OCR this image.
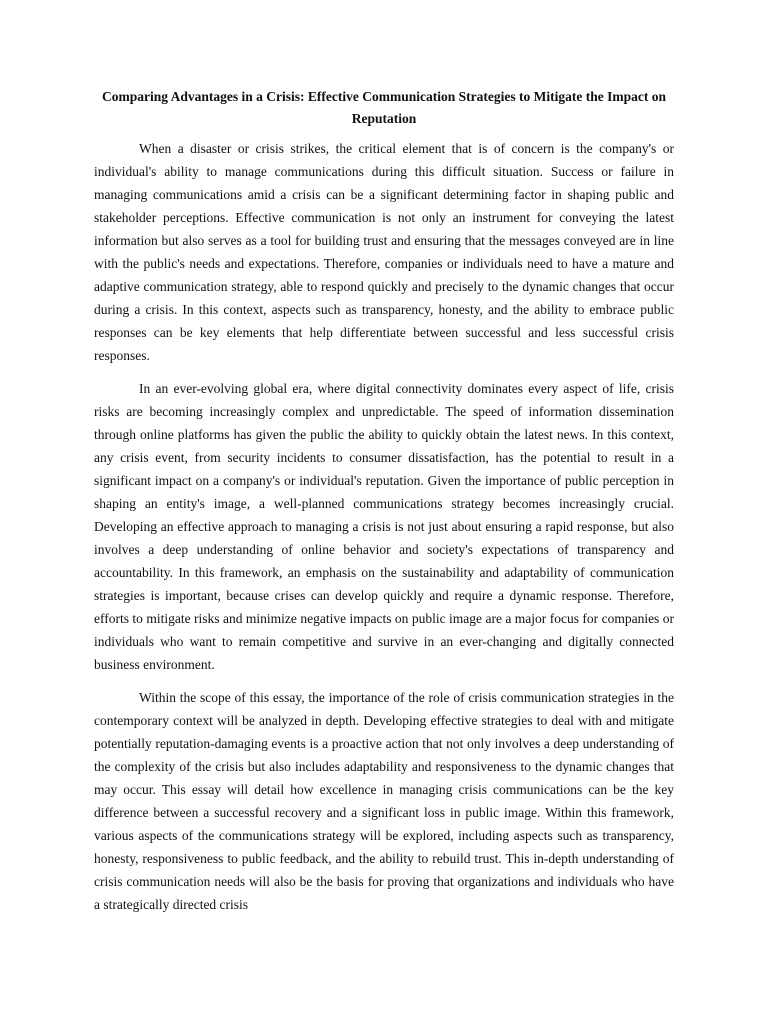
Comparing Advantages in a Crisis: Effective Communication Strategies to Mitigate the Impact on Reputation

When a disaster or crisis strikes, the critical element that is of concern is the company's or individual's ability to manage communications during this difficult situation. Success or failure in managing communications amid a crisis can be a significant determining factor in shaping public and stakeholder perceptions. Effective communication is not only an instrument for conveying the latest information but also serves as a tool for building trust and ensuring that the messages conveyed are in line with the public's needs and expectations. Therefore, companies or individuals need to have a mature and adaptive communication strategy, able to respond quickly and precisely to the dynamic changes that occur during a crisis. In this context, aspects such as transparency, honesty, and the ability to embrace public responses can be key elements that help differentiate between successful and less successful crisis responses.

In an ever-evolving global era, where digital connectivity dominates every aspect of life, crisis risks are becoming increasingly complex and unpredictable. The speed of information dissemination through online platforms has given the public the ability to quickly obtain the latest news. In this context, any crisis event, from security incidents to consumer dissatisfaction, has the potential to result in a significant impact on a company's or individual's reputation. Given the importance of public perception in shaping an entity's image, a well-planned communications strategy becomes increasingly crucial. Developing an effective approach to managing a crisis is not just about ensuring a rapid response, but also involves a deep understanding of online behavior and society's expectations of transparency and accountability. In this framework, an emphasis on the sustainability and adaptability of communication strategies is important, because crises can develop quickly and require a dynamic response. Therefore, efforts to mitigate risks and minimize negative impacts on public image are a major focus for companies or individuals who want to remain competitive and survive in an ever-changing and digitally connected business environment.

Within the scope of this essay, the importance of the role of crisis communication strategies in the contemporary context will be analyzed in depth. Developing effective strategies to deal with and mitigate potentially reputation-damaging events is a proactive action that not only involves a deep understanding of the complexity of the crisis but also includes adaptability and responsiveness to the dynamic changes that may occur. This essay will detail how excellence in managing crisis communications can be the key difference between a successful recovery and a significant loss in public image. Within this framework, various aspects of the communications strategy will be explored, including aspects such as transparency, honesty, responsiveness to public feedback, and the ability to rebuild trust. This in-depth understanding of crisis communication needs will also be the basis for proving that organizations and individuals who have a strategically directed crisis
